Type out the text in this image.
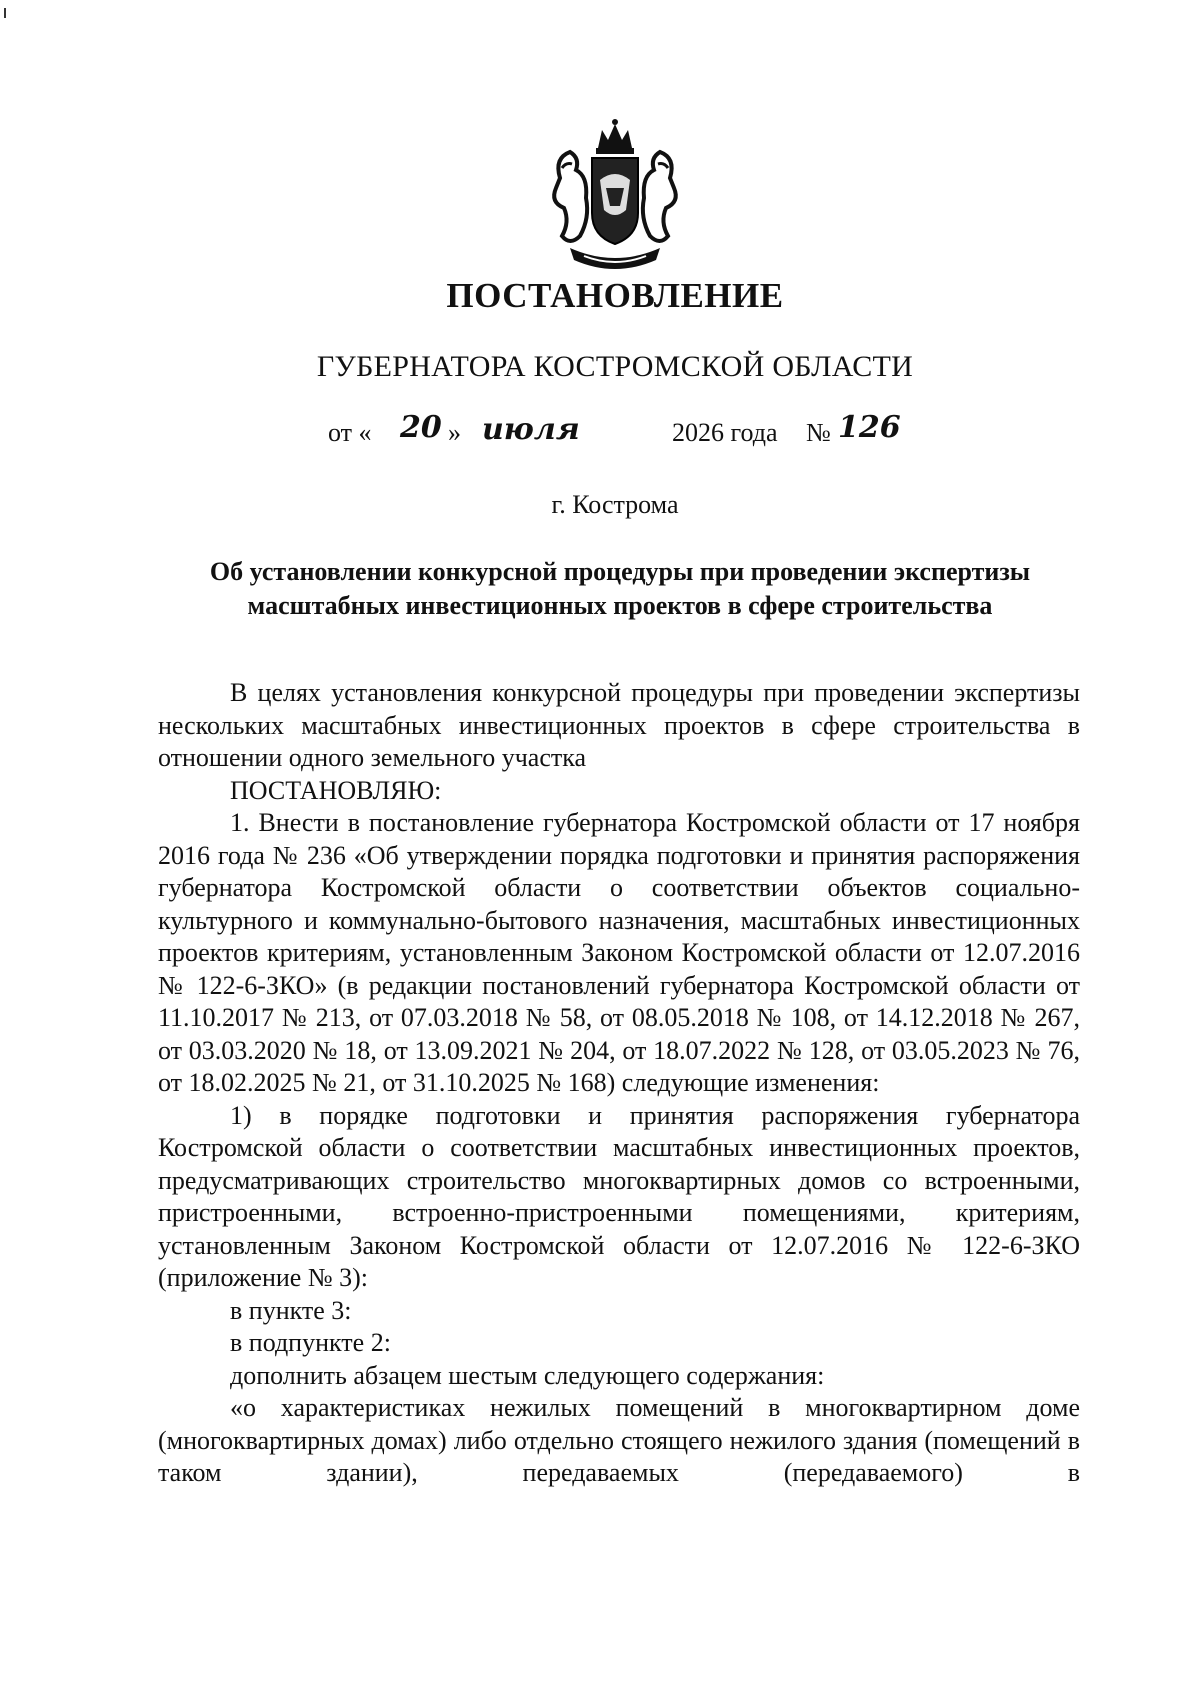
ПОСТАНОВЛЕНИЕ
ГУБЕРНАТОРА КОСТРОМСКОЙ ОБЛАСТИ
от « 20 » июля	2026 года № 126
г. Кострома
Об установлении конкурсной процедуры при проведении экспертизы масштабных инвестиционных проектов в сфере строительства

В целях установления конкурсной процедуры при проведении экспертизы нескольких масштабных инвестиционных проектов в сфере строительства в отношении одного земельного участка

ПОСТАНОВЛЯЮ:

1. Внести в постановление губернатора Костромской области от 17 ноября 2016 года № 236 «Об утверждении порядка подготовки и принятия распоряжения губернатора Костромской области о соответствии объектов социально-культурного и коммунально-бытового назначения, масштабных инвестиционных проектов критериям, установленным Законом Костромской области от 12.07.2016 № 122-6-ЗКО» (в редакции постановлений губернатора Костромской области от 11.10.2017 № 213, от 07.03.2018 № 58, от 08.05.2018 № 108, от 14.12.2018 № 267, от 03.03.2020 № 18, от 13.09.2021 № 204, от 18.07.2022 № 128, от 03.05.2023 № 76, от 18.02.2025 № 21, от 31.10.2025 № 168) следующие изменения:

1) в порядке подготовки и принятия распоряжения губернатора Костромской области о соответствии масштабных инвестиционных проектов, предусматривающих строительство многоквартирных домов со встроенными, пристроенными, встроенно-пристроенными помещениями, критериям, установленным Законом Костромской области от 12.07.2016 № 122-6-ЗКО (приложение № 3):

в пункте 3:

в подпункте 2:

дополнить абзацем шестым следующего содержания:

«о характеристиках нежилых помещений в многоквартирном доме (многоквартирных домах) либо отдельно стоящего нежилого здания (помещений в таком здании), передаваемых (передаваемого) в
